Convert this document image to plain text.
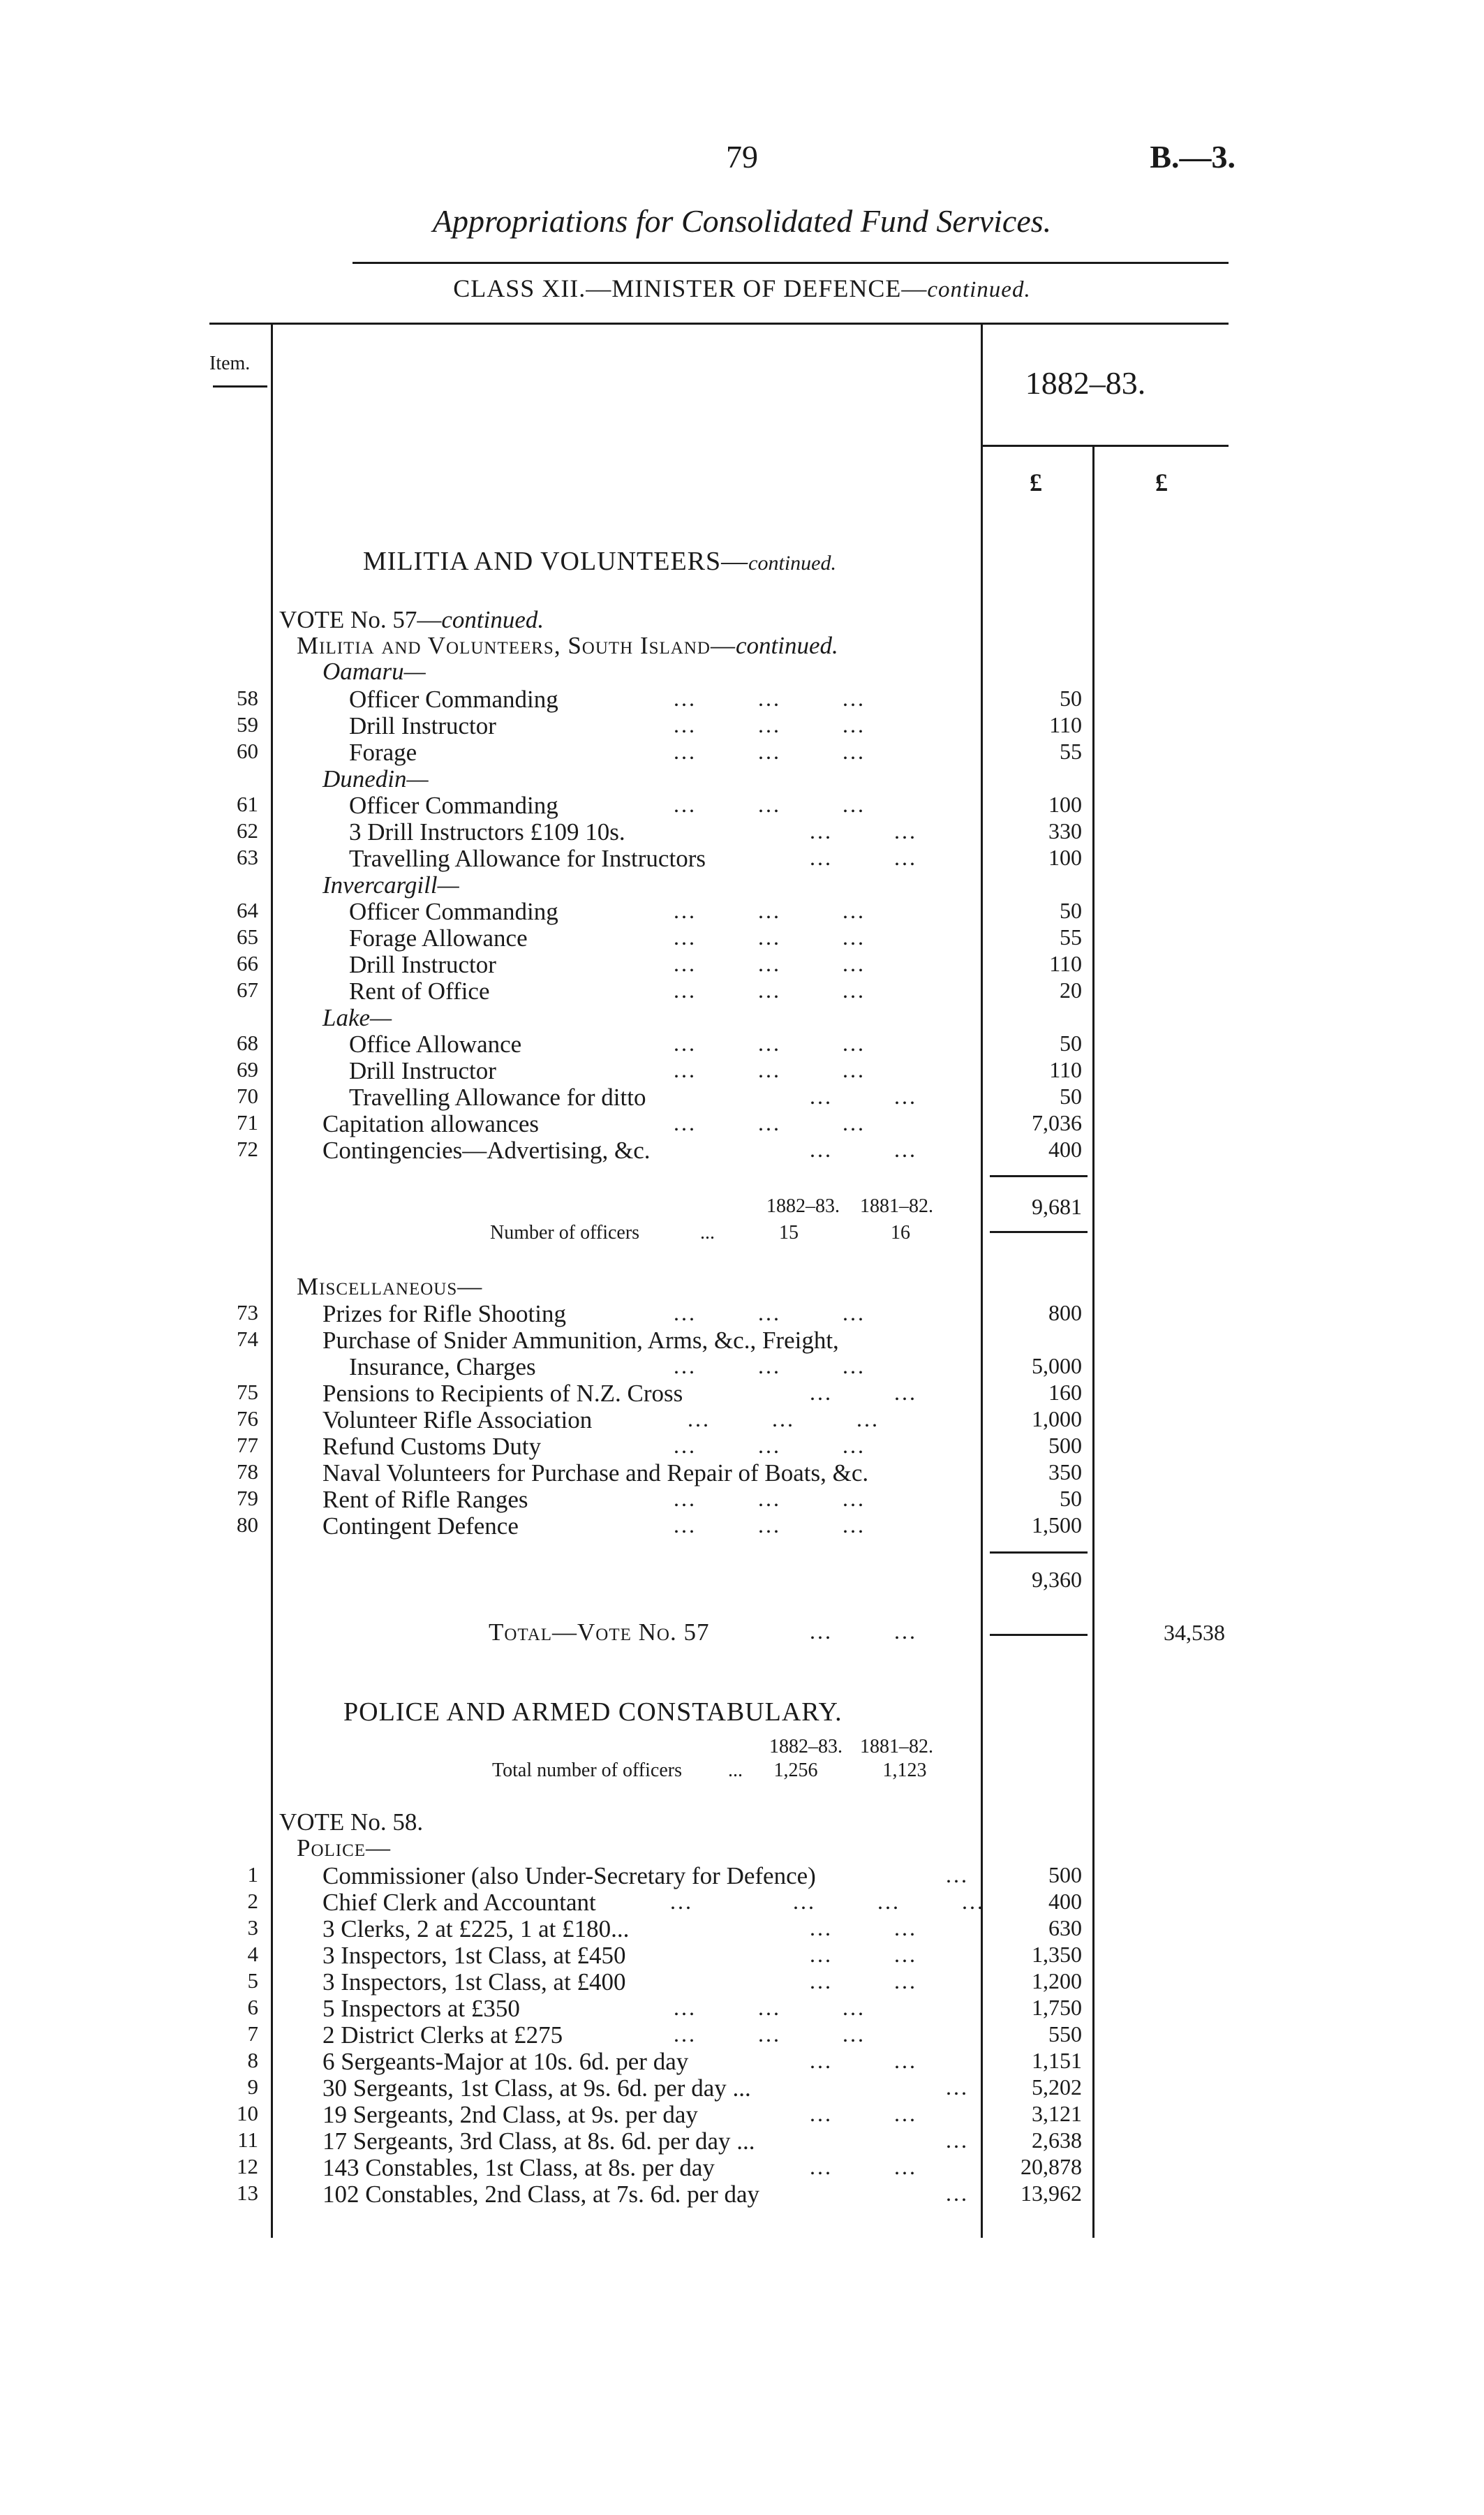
79	B.—3.
Appropriations for Consolidated Fund Services.
CLASS XII.—MINISTER OF DEFENCE—continued.
Item.
1882–83.
£	£
MILITIA AND VOLUNTEERS—continued.
VOTE No. 57—continued.
Militia and Volunteers, South Island—continued.
Oamaru—
58	Officer Commanding	...        ...        ...	50
59	Drill Instructor	...        ...        ...	110
60	Forage	...        ...        ...	55
Dunedin—
61	Officer Commanding	...        ...        ...	100
62	3 Drill Instructors £109 10s.	...        ...	330
63	Travelling Allowance for Instructors	...        ...	100
Invercargill—
64	Officer Commanding	...        ...        ...	50
65	Forage Allowance	...        ...        ...	55
66	Drill Instructor	...        ...        ...	110
67	Rent of Office	...        ...        ...	20
Lake—
68	Office Allowance	...        ...        ...	50
69	Drill Instructor	...        ...        ...	110
70	Travelling Allowance for ditto	...        ...	50
71	Capitation allowances	...        ...        ...	7,036
72	Contingencies—Advertising, &c.	...        ...	400
1882–83. 1881–82.	9,681
Number of officers	...	15	16
Miscellaneous—
73	Prizes for Rifle Shooting	...        ...        ...	800
74	Purchase of Snider Ammunition, Arms, &c., Freight,
Insurance, Charges	...        ...        ...	5,000
75	Pensions to Recipients of N.Z. Cross	...        ...	160
76	Volunteer Rifle Association	...        ...        ...	1,000
77	Refund Customs Duty	...        ...        ...	500
78	Naval Volunteers for Purchase and Repair of Boats, &c.	350
79	Rent of Rifle Ranges	...        ...        ...	50
80	Contingent Defence	...        ...        ...	1,500
9,360
Total—Vote No. 57	...        ...	34,538
POLICE AND ARMED CONSTABULARY.
1882–83. 1881–82.
Total number of officers ...	1,256	1,123
VOTE No. 58.
Police—
1	Commissioner (also Under-Secretary for Defence)	...	500
2	Chief Clerk and Accountant	...             ...        ...        ...	400
3	3 Clerks, 2 at £225, 1 at £180...	...        ...	630
4	3 Inspectors, 1st Class, at £450	...        ...	1,350
5	3 Inspectors, 1st Class, at £400	...        ...	1,200
6	5 Inspectors at £350	...        ...        ...	1,750
7	2 District Clerks at £275	...        ...        ...	550
8	6 Sergeants-Major at 10s. 6d. per day	...        ...	1,151
9	30 Sergeants, 1st Class, at 9s. 6d. per day ...	...	5,202
10	19 Sergeants, 2nd Class, at 9s. per day	...        ...	3,121
11	17 Sergeants, 3rd Class, at 8s. 6d. per day ...	...	2,638
12	143 Constables, 1st Class, at 8s. per day	...        ...	20,878
13	102 Constables, 2nd Class, at 7s. 6d. per day	...	13,962
